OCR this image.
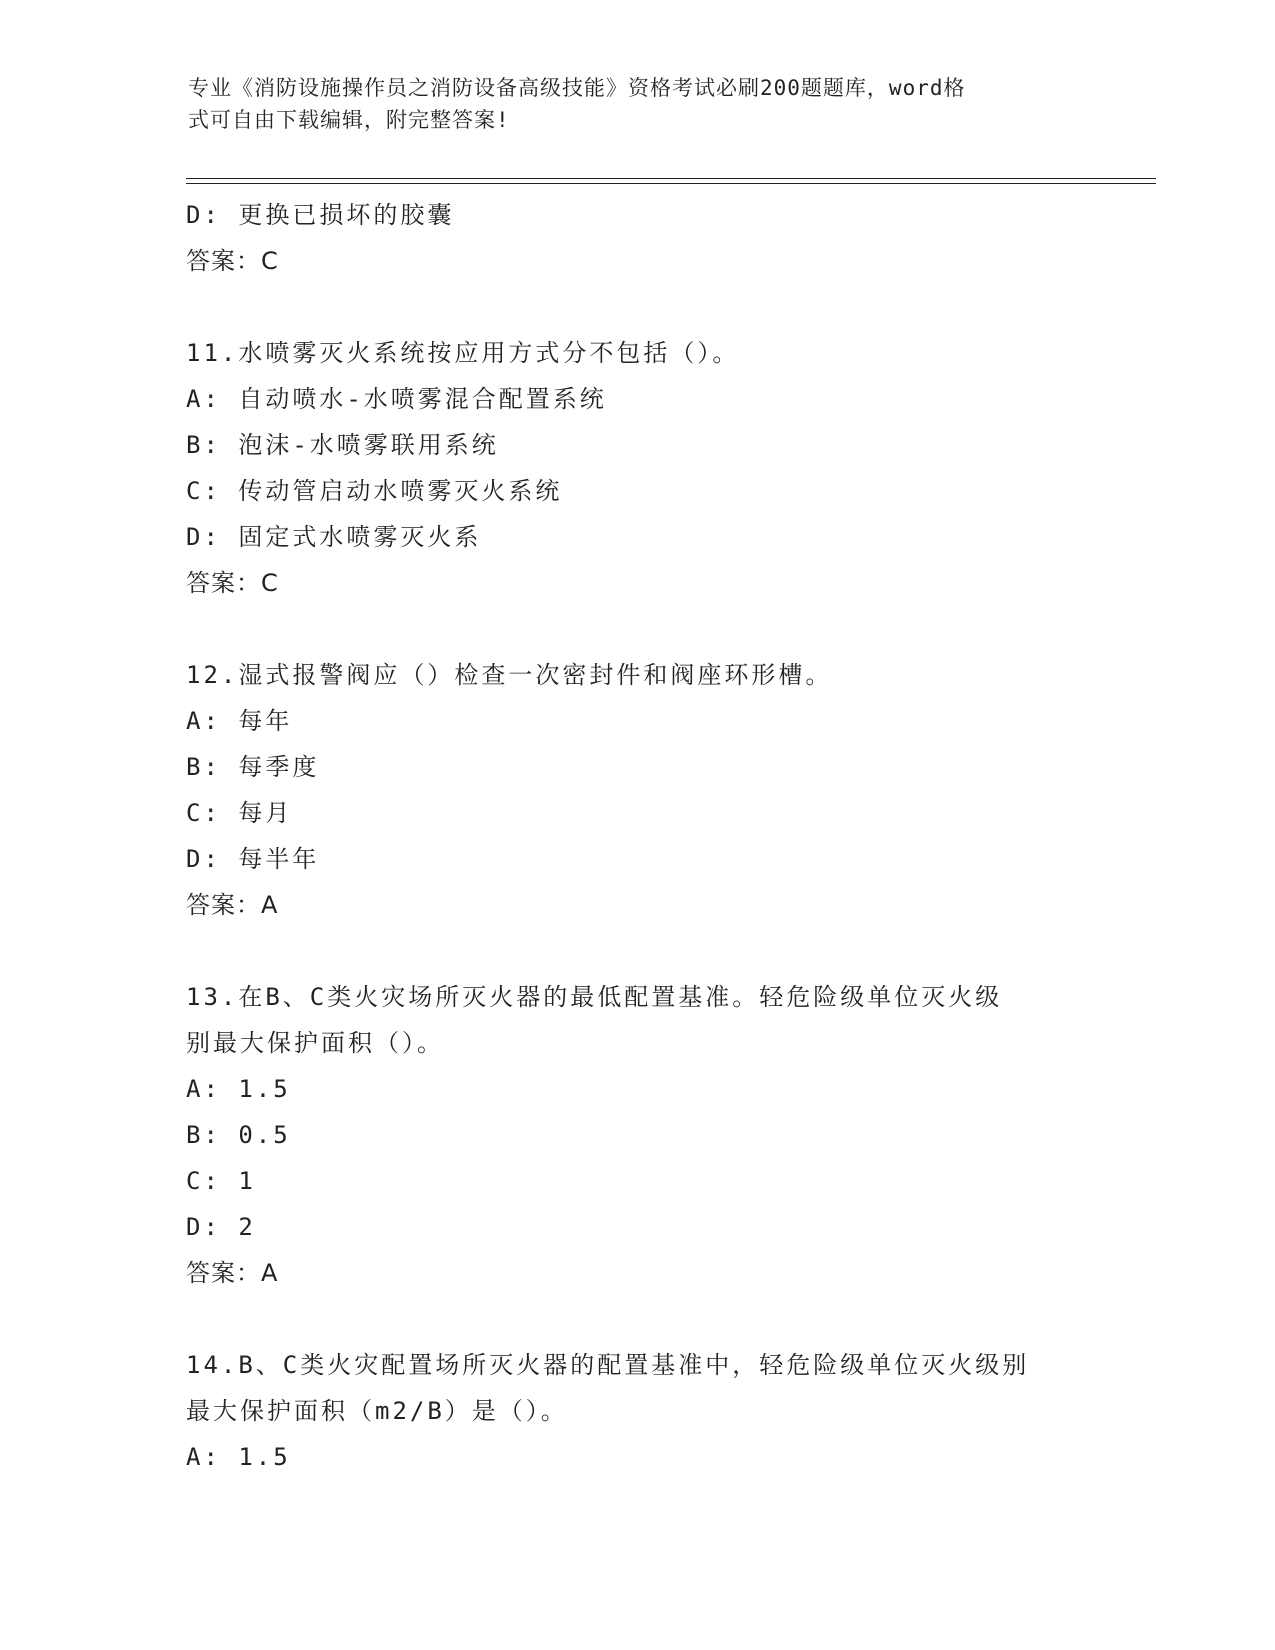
专业《消防设施操作员之消防设备高级技能》资格考试必刷200题题库，word格
式可自由下载编辑，附完整答案!
D: 更换已损坏的胶囊
答案：C
11.水喷雾灭火系统按应用方式分不包括（）。
A: 自动喷水-水喷雾混合配置系统
B: 泡沫-水喷雾联用系统
C: 传动管启动水喷雾灭火系统
D: 固定式水喷雾灭火系
答案：C
12.湿式报警阀应（）检查一次密封件和阀座环形槽。
A: 每年
B: 每季度
C: 每月
D: 每半年
答案：A
13.在B、C类火灾场所灭火器的最低配置基准。轻危险级单位灭火级
别最大保护面积（）。
A: 1.5
B: 0.5
C: 1
D: 2
答案：A
14.B、C类火灾配置场所灭火器的配置基准中，轻危险级单位灭火级别
最大保护面积（m2/B）是（）。
A: 1.5
